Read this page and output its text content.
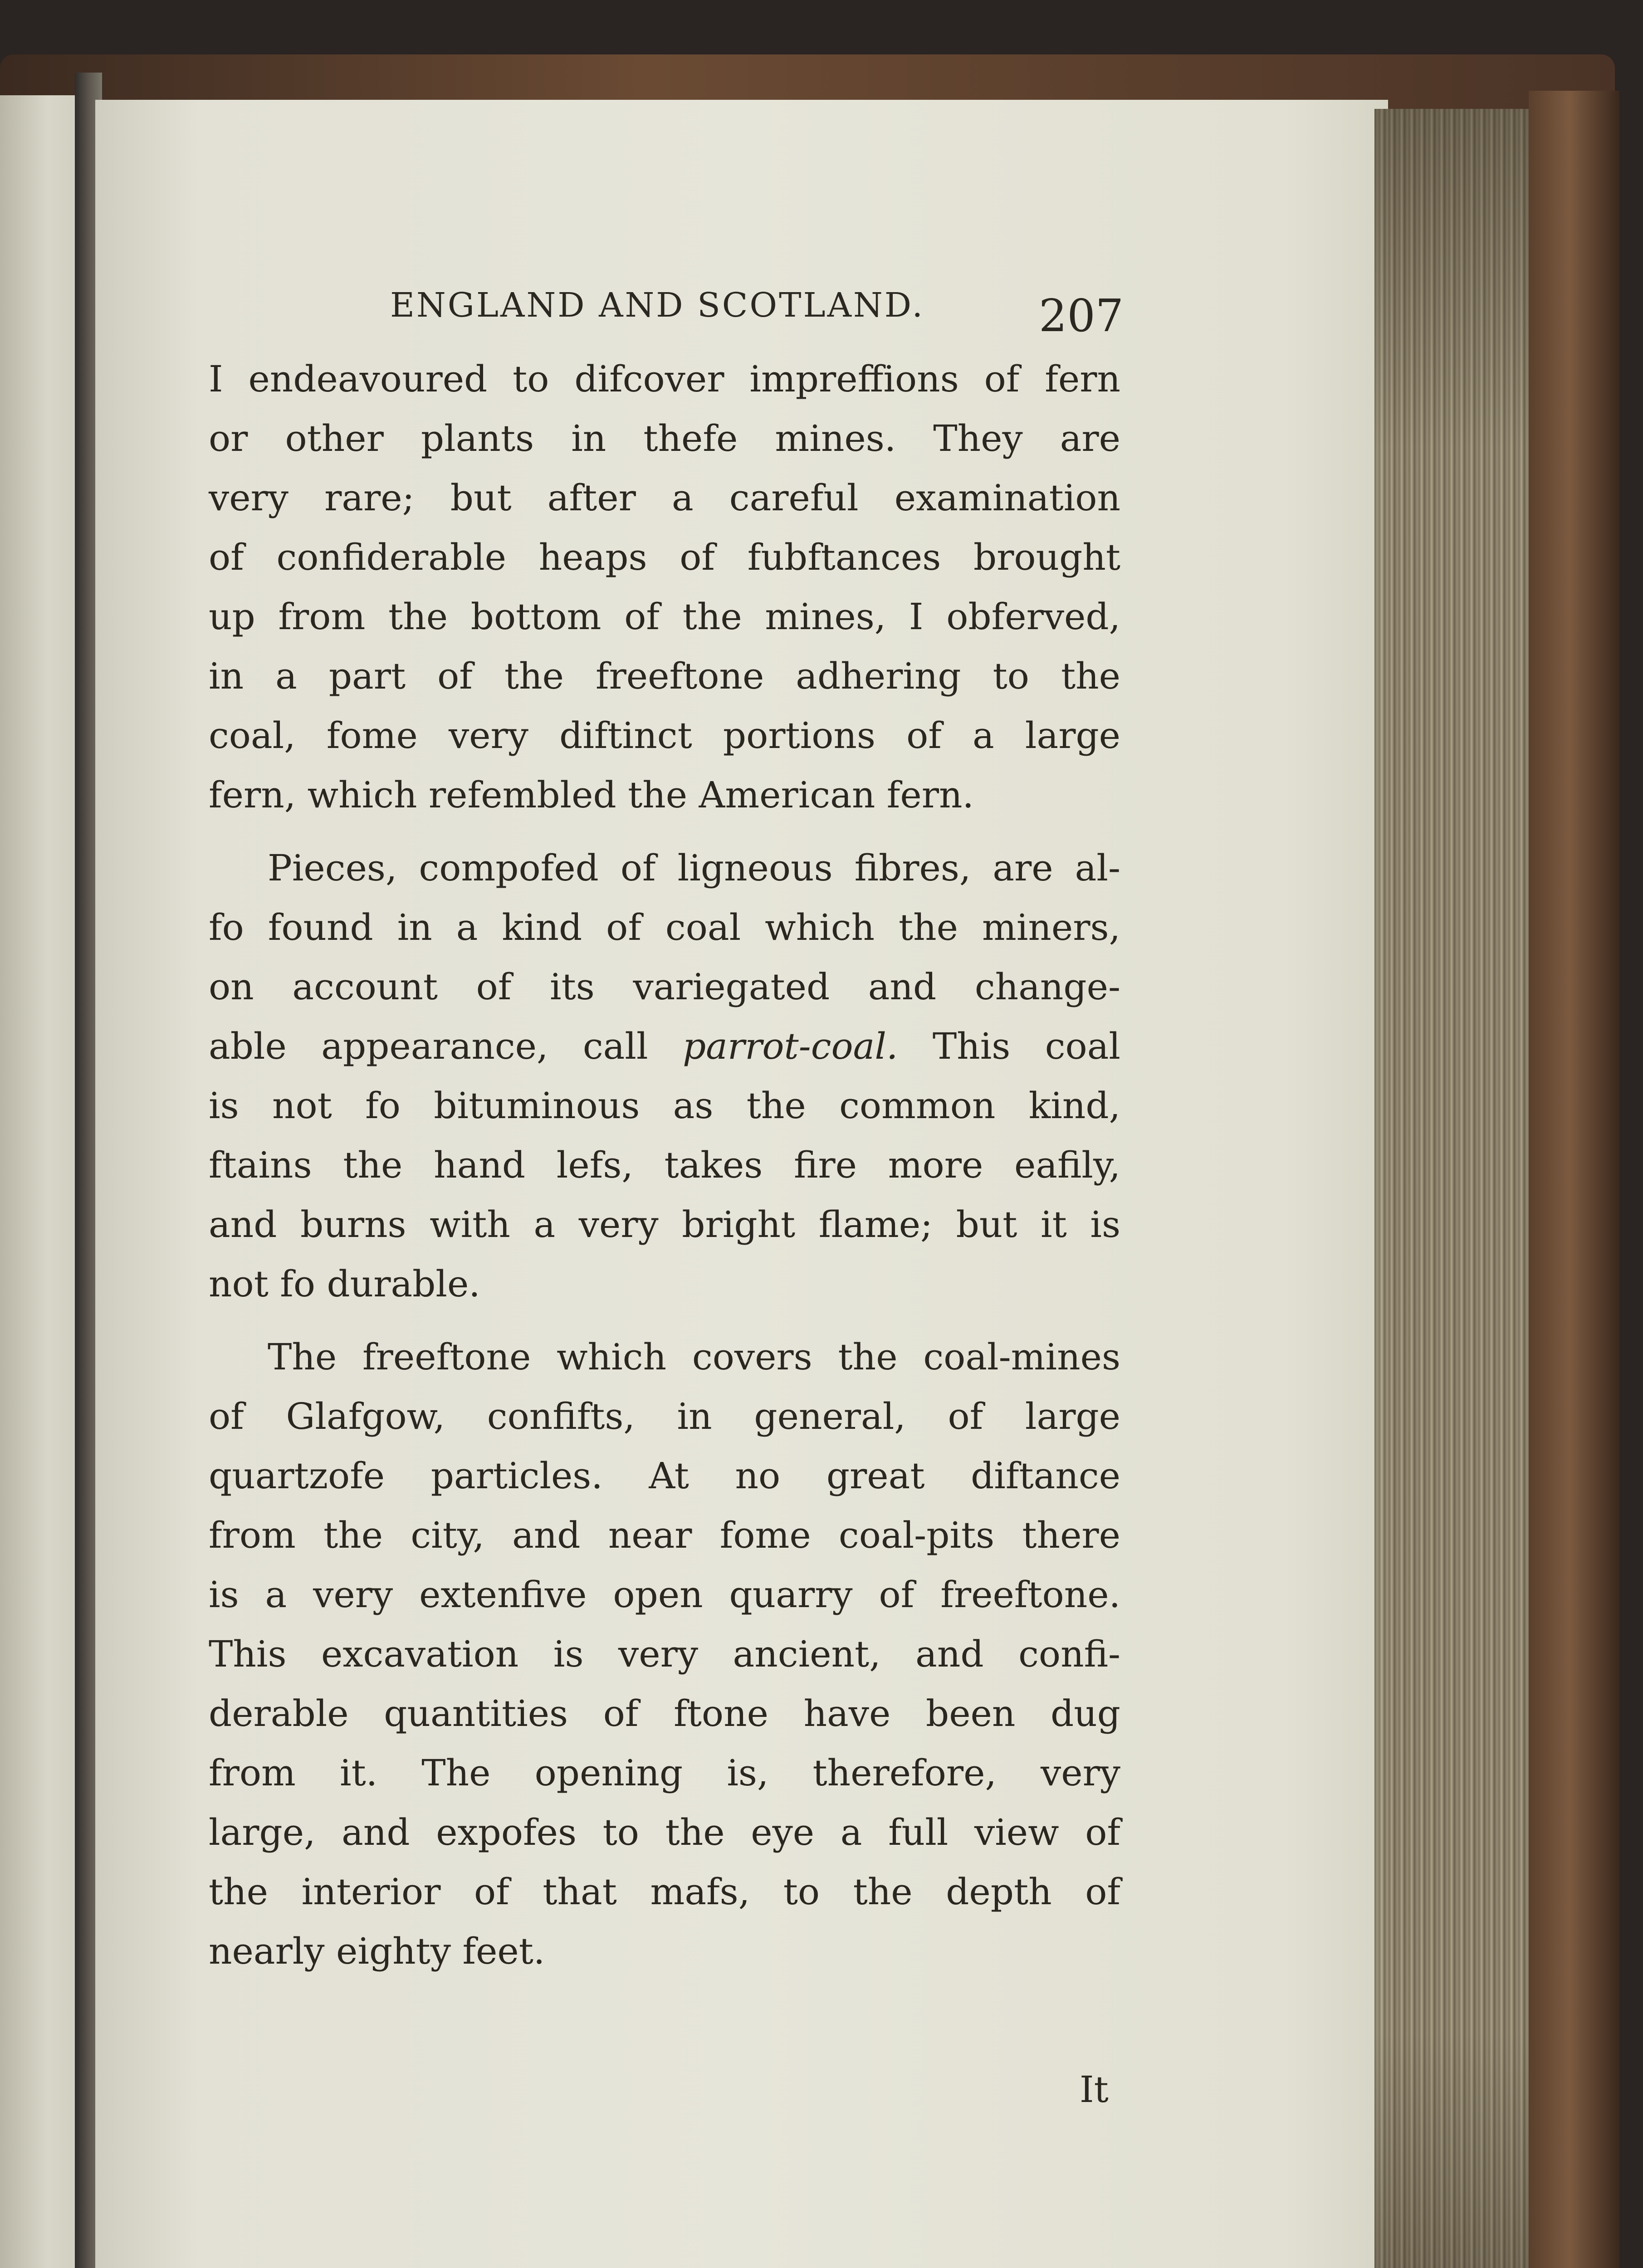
ENGLAND AND SCOTLAND.	207
I endeavoured to difcover impreffions of fern
or other plants in thefe mines. They are
very rare; but after a careful examination
of confiderable heaps of fubftances brought
up from the bottom of the mines, I obferved,
in a part of the freeftone adhering to the
coal, fome very diftinct portions of a large
fern, which refembled the American fern.
Pieces, compofed of ligneous fibres, are al-
fo found in a kind of coal which the miners,
on account of its variegated and change-
able appearance, call parrot-coal. This coal
is not fo bituminous as the common kind,
ftains the hand lefs, takes fire more eafily,
and burns with a very bright flame; but it is
not fo durable.
The freeftone which covers the coal-mines
of Glafgow, confifts, in general, of large
quartzofe particles. At no great diftance
from the city, and near fome coal-pits there
is a very extenfive open quarry of freeftone.
This excavation is very ancient, and confi-
derable quantities of ftone have been dug
from it. The opening is, therefore, very
large, and expofes to the eye a full view of
the interior of that mafs, to the depth of
nearly eighty feet.
It
